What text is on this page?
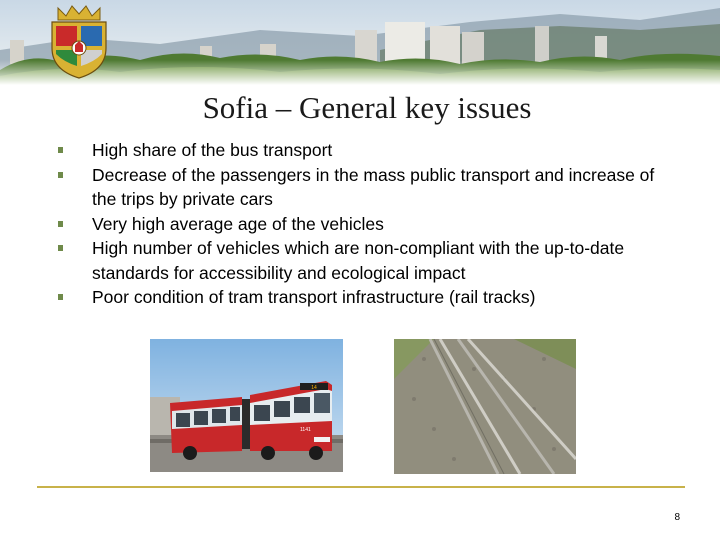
Sofia – General key issues
High share of the bus transport
Decrease of the passengers in the mass public transport and increase of the trips by private cars
Very high average age of the vehicles
High number of vehicles which are non-compliant with the up-to-date standards for accessibility and ecological impact
Poor condition of tram transport infrastructure (rail tracks)
14
1141
8
